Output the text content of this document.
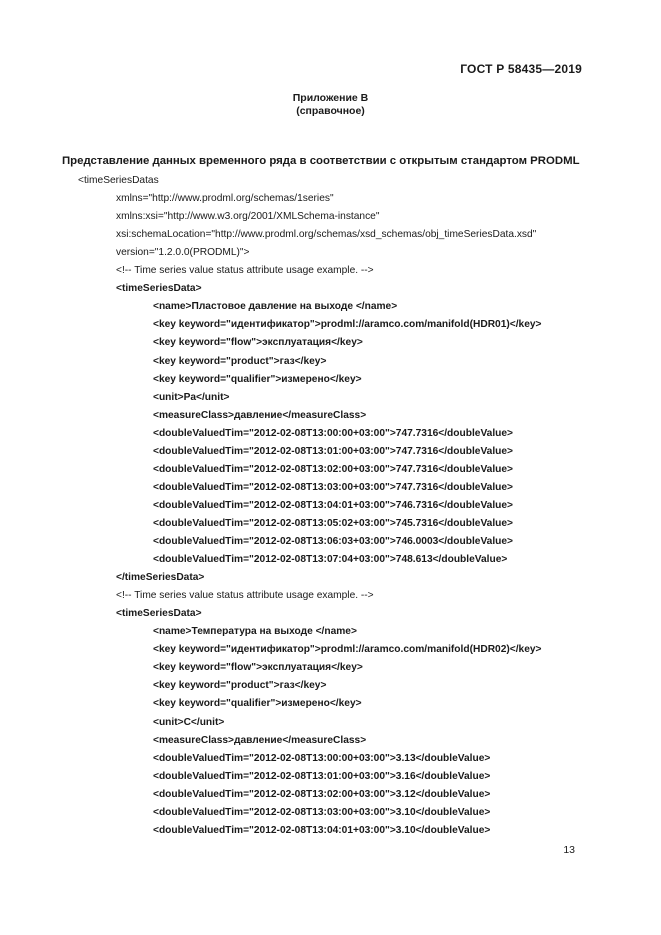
ГОСТ Р 58435—2019
Приложение В
(справочное)
Представление данных временного ряда в соответствии с открытым стандартом PRODML
<timeSeriesDatas
xmlns="http://www.prodml.org/schemas/1series"
xmlns:xsi="http://www.w3.org/2001/XMLSchema-instance"
xsi:schemaLocation="http://www.prodml.org/schemas/xsd_schemas/obj_timeSeriesData.xsd"
version="1.2.0.0(PRODML)">
<!-- Time series value status attribute usage example. -->
<timeSeriesData>
<name>Пластовое давление на выходе </name>
<key keyword="идентификатор">prodml://aramco.com/manifold(HDR01)</key>
<key keyword="flow">эксплуатация</key>
<key keyword="product">газ</key>
<key keyword="qualifier">измерено</key>
<unit>Pa</unit>
<measureClass>давление</measureClass>
<doubleValuedTim="2012-02-08T13:00:00+03:00">747.7316</doubleValue>
<doubleValuedTim="2012-02-08T13:01:00+03:00">747.7316</doubleValue>
<doubleValuedTim="2012-02-08T13:02:00+03:00">747.7316</doubleValue>
<doubleValuedTim="2012-02-08T13:03:00+03:00">747.7316</doubleValue>
<doubleValuedTim="2012-02-08T13:04:01+03:00">746.7316</doubleValue>
<doubleValuedTim="2012-02-08T13:05:02+03:00">745.7316</doubleValue>
<doubleValuedTim="2012-02-08T13:06:03+03:00">746.0003</doubleValue>
<doubleValuedTim="2012-02-08T13:07:04+03:00">748.613</doubleValue>
</timeSeriesData>
<!-- Time series value status attribute usage example. -->
<timeSeriesData>
<name>Температура на выходе </name>
<key keyword="идентификатор">prodml://aramco.com/manifold(HDR02)</key>
<key keyword="flow">эксплуатация</key>
<key keyword="product">газ</key>
<key keyword="qualifier">измерено</key>
<unit>C</unit>
<measureClass>давление</measureClass>
<doubleValuedTim="2012-02-08T13:00:00+03:00">3.13</doubleValue>
<doubleValuedTim="2012-02-08T13:01:00+03:00">3.16</doubleValue>
<doubleValuedTim="2012-02-08T13:02:00+03:00">3.12</doubleValue>
<doubleValuedTim="2012-02-08T13:03:00+03:00">3.10</doubleValue>
<doubleValuedTim="2012-02-08T13:04:01+03:00">3.10</doubleValue>
13
